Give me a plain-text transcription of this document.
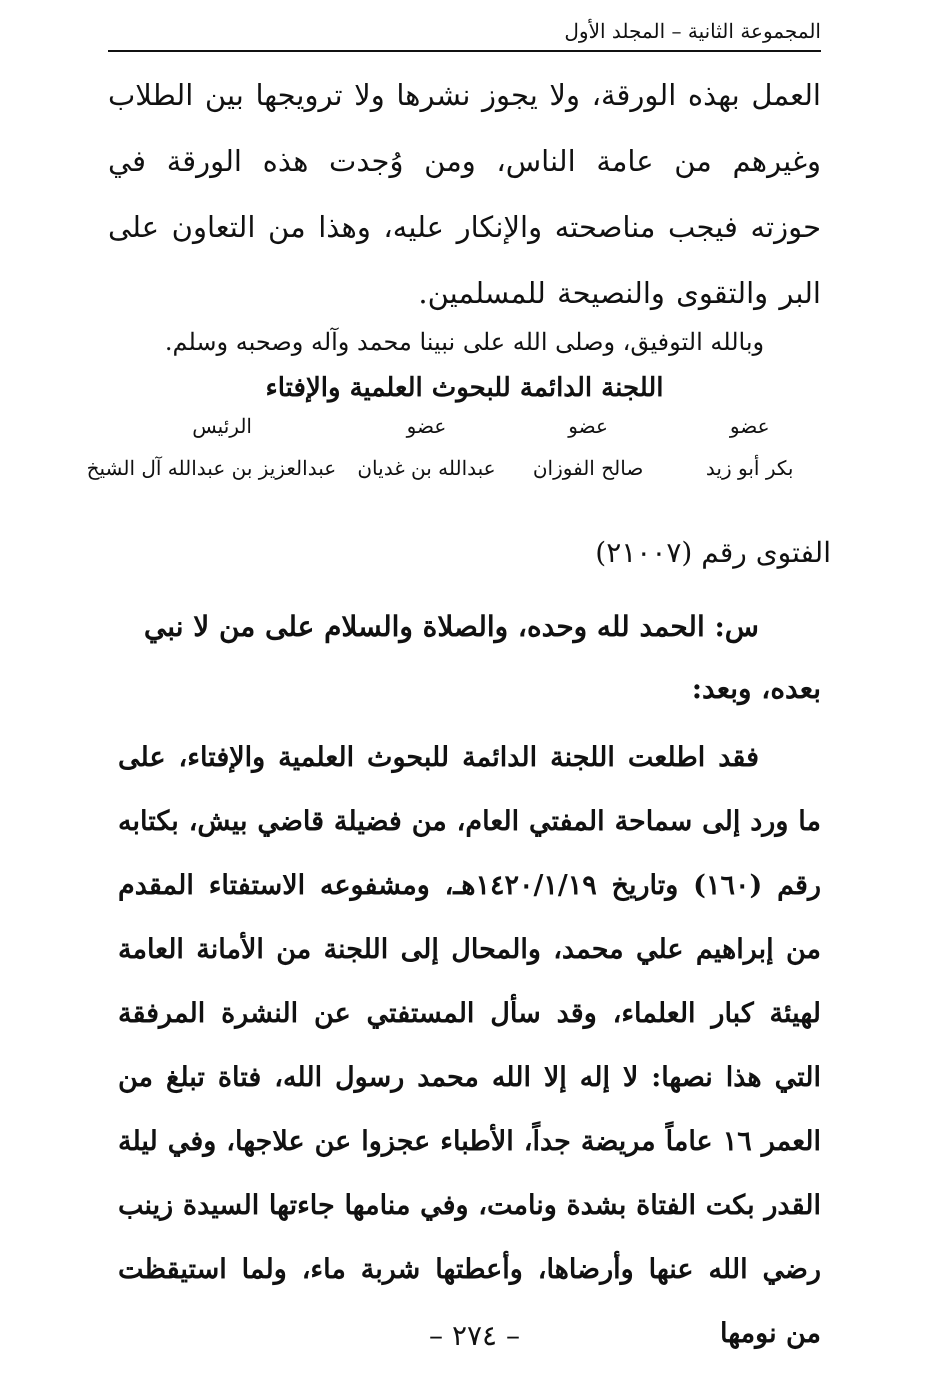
المجموعة الثانية – المجلد الأول

العمل بهذه الورقة، ولا يجوز نشرها ولا ترويجها بين الطلاب وغيرهم من عامة الناس، ومن وُجدت هذه الورقة في حوزته فيجب مناصحته والإنكار عليه، وهذا من التعاون على البر والتقوى والنصيحة للمسلمين.

وبالله التوفيق، وصلى الله على نبينا محمد وآله وصحبه وسلم.

اللجنة الدائمة للبحوث العلمية والإفتاء

عضو
عضو
عضو
الرئيس
بكر أبو زيد
صالح الفوزان
عبدالله بن غديان
عبدالعزيز بن عبدالله آل الشيخ

الفتوى رقم (٢١٠٠٧)

س: الحمد لله وحده، والصلاة والسلام على من لا نبي
بعده، وبعد:

فقد اطلعت اللجنة الدائمة للبحوث العلمية والإفتاء، على ما ورد إلى سماحة المفتي العام، من فضيلة قاضي بيش، بكتابه رقم (١٦٠) وتاريخ ١٤٢٠/١/١٩هـ، ومشفوعه الاستفتاء المقدم من إبراهيم علي محمد، والمحال إلى اللجنة من الأمانة العامة لهيئة كبار العلماء، وقد سأل المستفتي عن النشرة المرفقة التي هذا نصها: لا إله إلا الله محمد رسول الله، فتاة تبلغ من العمر ١٦ عاماً مريضة جداً، الأطباء عجزوا عن علاجها، وفي ليلة القدر بكت الفتاة بشدة ونامت، وفي منامها جاءتها السيدة زينب رضي الله عنها وأرضاها، وأعطتها شربة ماء، ولما استيقظت من نومها

– ٢٧٤ –
